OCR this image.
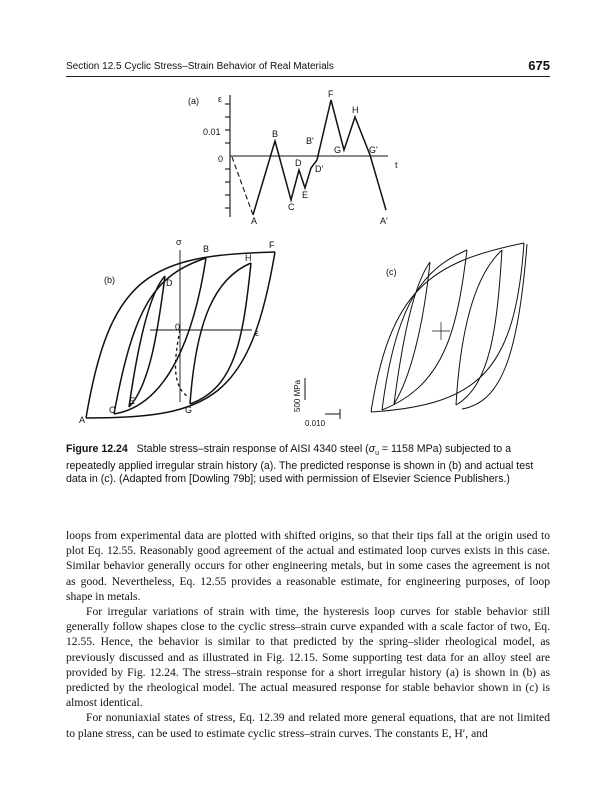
Section 12.5 Cyclic Stress–Strain Behavior of Real Materials	675
(a) ε
t
0.01
0
A
B
C
D
E
F
B'
D'
G
H
G'
A'
(b)
σ
ε
0
A
B
C
D
E
F
G
H
(c)
500 MPa
0.010
Figure 12.24 Stable stress–strain response of AISI 4340 steel ($\sigma_u = 1158$ MPa) subjected to a repeatedly applied irregular strain history (a). The predicted response is shown in (b) and actual test data in (c). (Adapted from [Dowling 79b]; used with permission of Elsevier Science Publishers.)

loops from experimental data are plotted with shifted origins, so that their tips fall at the origin used to plot Eq. 12.55. Reasonably good agreement of the actual and estimated loop curves exists in this case. Similar behavior generally occurs for other engineering metals, but in some cases the agreement is not as good. Nevertheless, Eq. 12.55 provides a reasonable estimate, for engineering purposes, of loop shape in metals.

For irregular variations of strain with time, the hysteresis loop curves for stable behavior still generally follow shapes close to the cyclic stress–strain curve expanded with a scale factor of two, Eq. 12.55. Hence, the behavior is similar to that predicted by the spring–slider rheological model, as previously discussed and as illustrated in Fig. 12.15. Some supporting test data for an alloy steel are provided by Fig. 12.24. The stress–strain response for a short irregular history (a) is shown in (b) as predicted by the rheological model. The actual measured response for stable behavior shown in (c) is almost identical.

For nonuniaxial states of stress, Eq. 12.39 and related more general equations, that are not limited to plane stress, can be used to estimate cyclic stress–strain curves. The constants E, H′, and
